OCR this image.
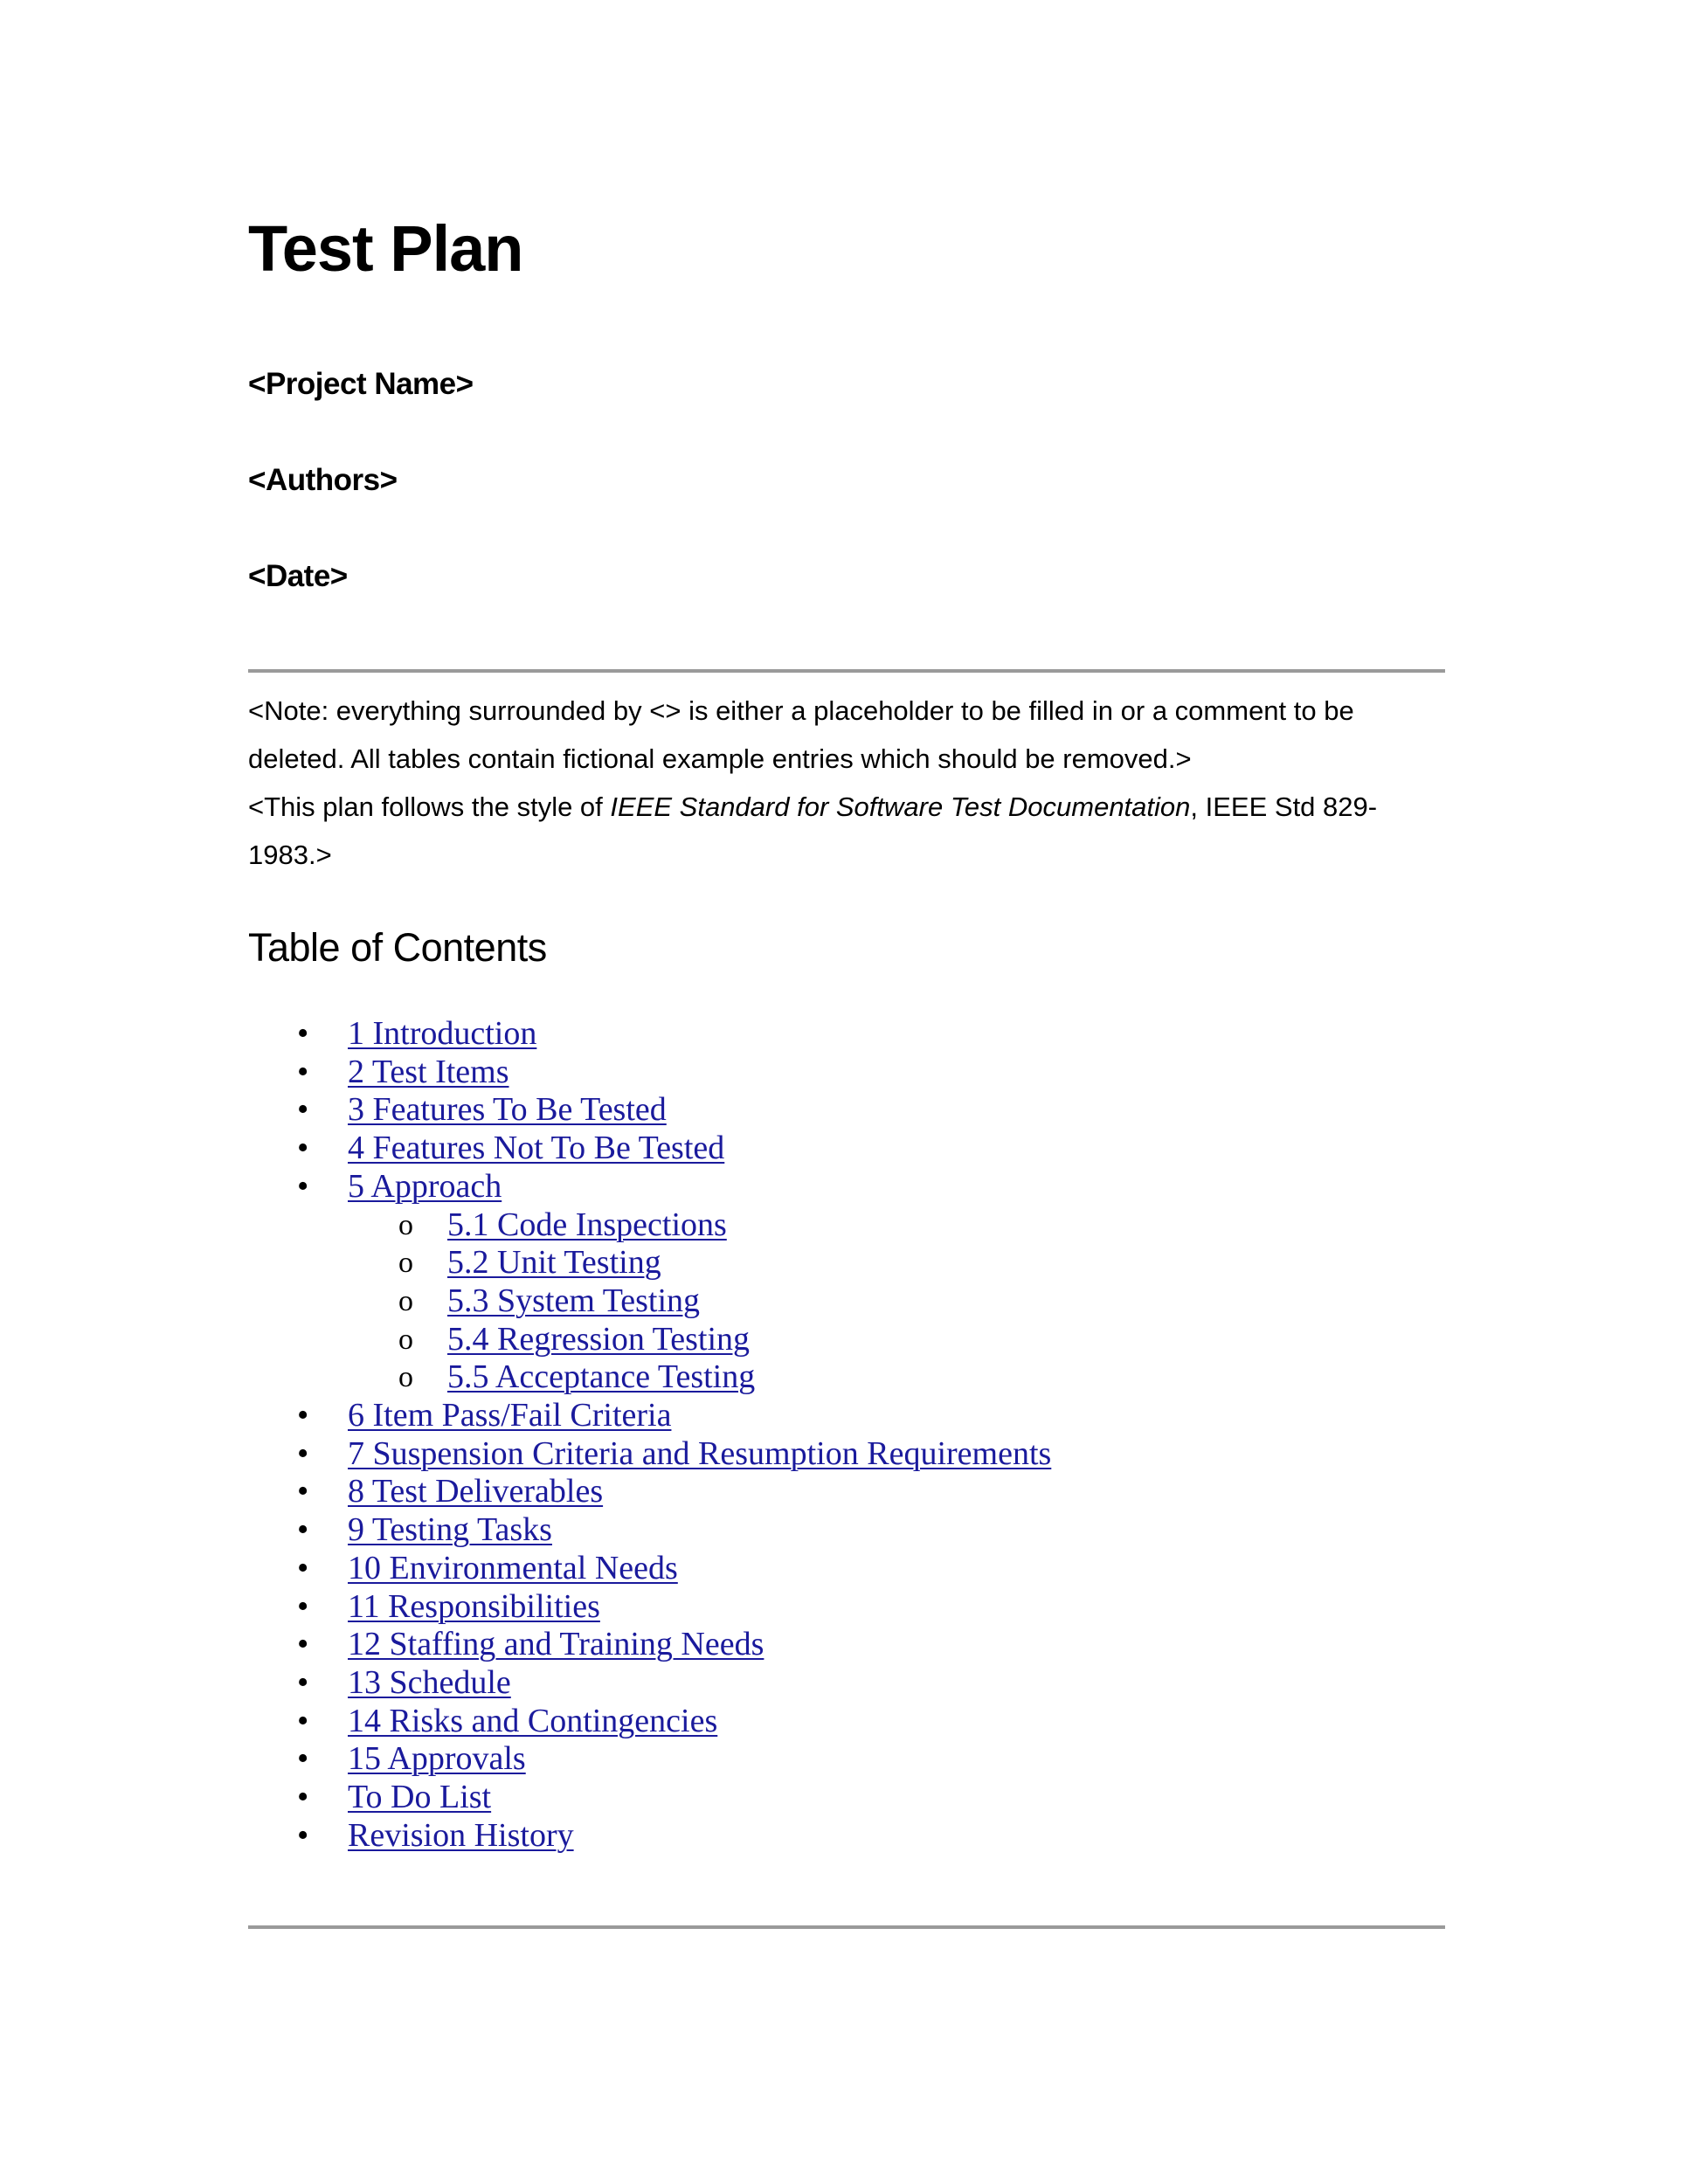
Test Plan

<Project Name>

<Authors>

<Date>

<Note: everything surrounded by <> is either a placeholder to be filled in or a comment to be deleted. All tables contain fictional example entries which should be removed.>

<This plan follows the style of IEEE Standard for Software Test Documentation, IEEE Std 829-1983.>

Table of Contents
• 1 Introduction
• 2 Test Items
• 3 Features To Be Tested
• 4 Features Not To Be Tested
• 5 Approach
o 5.1 Code Inspections
o 5.2 Unit Testing
o 5.3 System Testing
o 5.4 Regression Testing
o 5.5 Acceptance Testing
• 6 Item Pass/Fail Criteria
• 7 Suspension Criteria and Resumption Requirements
• 8 Test Deliverables
• 9 Testing Tasks
• 10 Environmental Needs
• 11 Responsibilities
• 12 Staffing and Training Needs
• 13 Schedule
• 14 Risks and Contingencies
• 15 Approvals
• To Do List
• Revision History
